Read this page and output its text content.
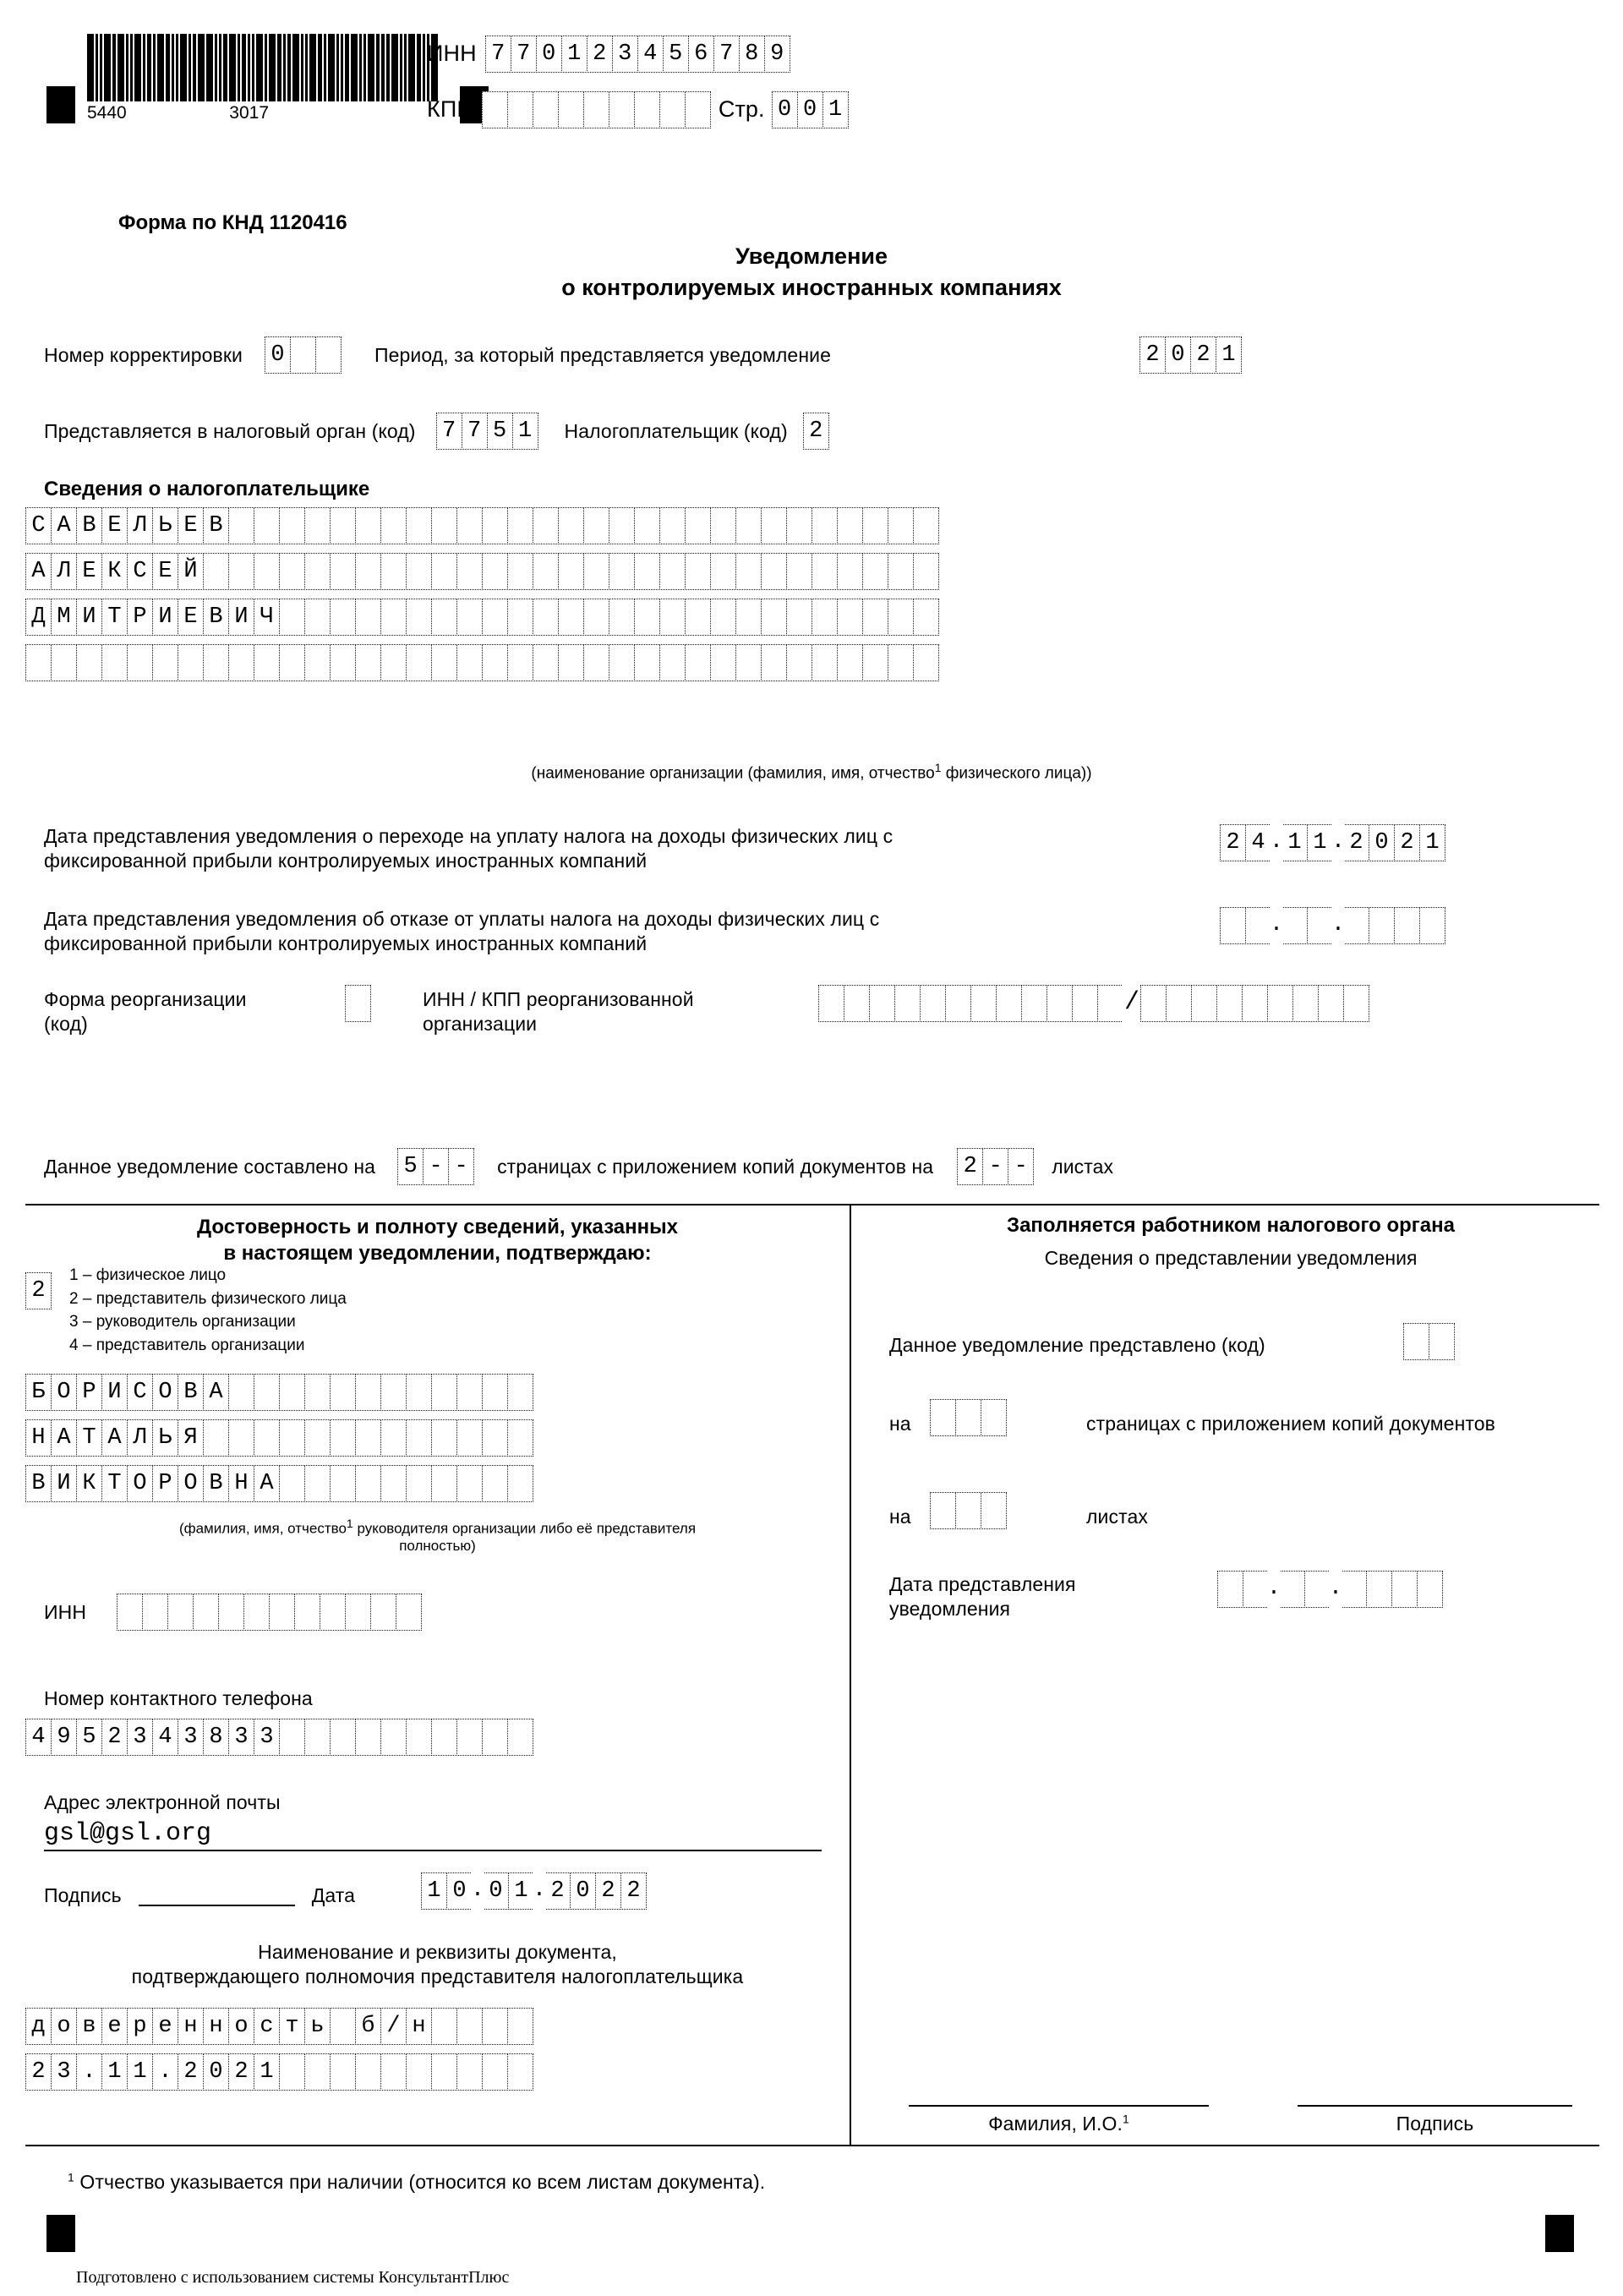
5440	3017
ИНН 7 7 0 1 2 3 4 5 6 7 8 9
КПП	Стр. 0 0 1
Форма по КНД 1120416
Уведомление
о контролируемых иностранных компаниях
Номер корректировки 0	Период, за который представляется уведомление	2 0 2 1
Представляется в налоговый орган (код) 7 7 5 1	Налогоплательщик (код) 2
Сведения о налогоплательщике
С А В Е Л Ь Е В
А Л Е К С Е Й
Д М И Т Р И Е В И Ч
(наименование организации (фамилия, имя, отчество$^1$ физического лица))
Дата представления уведомления о переходе на уплату налога на доходы физических лиц с
фиксированной прибыли контролируемых иностранных компаний
2 4 . 1 1 . 2 0 2 1
Дата представления уведомления об отказе от уплаты налога на доходы физических лиц с
фиксированной прибыли контролируемых иностранных компаний
.
.
Форма реорганизации
(код)
ИНН / КПП реорганизованной
организации
/
Данное уведомление составлено на 5 - -	страницах с приложением копий документов на 2 - -	листах
Достоверность и полноту сведений, указанных
в настоящем уведомлении, подтверждаю:
2
1 – физическое лицо
2 – представитель физического лица
3 – руководитель организации
4 – представитель организации
Б О Р И С О В А
Н А Т А Л Ь Я
В И К Т О Р О В Н А
(фамилия, имя, отчество$^1$ руководителя организации либо её представителя
полностью)
ИНН
Номер контактного телефона
4 9 5 2 3 4 3 8 3 3
Адрес электронной почты
gsl@gsl.org
Подпись	Дата	1 0 . 0 1 . 2 0 2 2
Наименование и реквизиты документа,
подтверждающего полномочия представителя налогоплательщика
д о в е р е н н о с т ь б / н
2 3 . 1 1 . 2 0 2 1
Заполняется работником налогового органа
Сведения о представлении уведомления
Данное уведомление представлено (код)
на	страницах с приложением копий документов
на	листах
Дата представления
уведомления
.
.
Фамилия, И.О.$^1$	Подпись
$^1$ Отчество указывается при наличии (относится ко всем листам документа).
Подготовлено с использованием системы КонсультантПлюс
